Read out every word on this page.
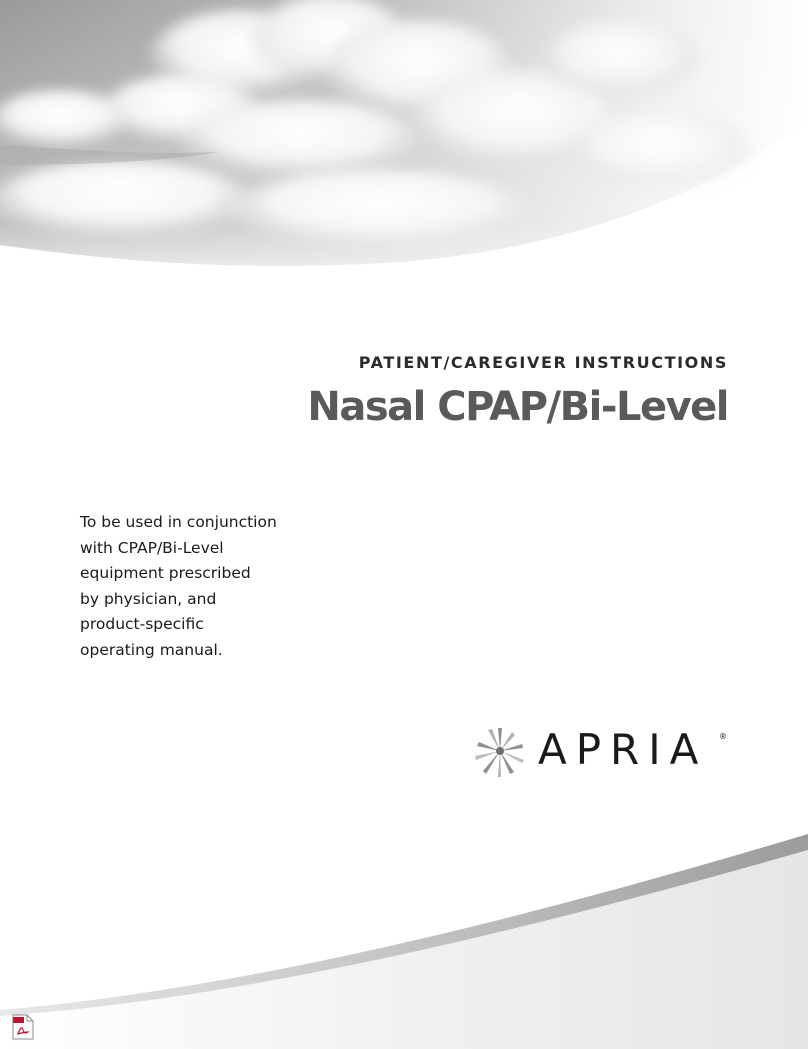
PATIENT/CAREGIVER INSTRUCTIONS
Nasal CPAP/Bi-Level
To be used in conjunction
with CPAP/Bi-Level
equipment prescribed
by physician, and
product-specific
operating manual.
APRIA ®
